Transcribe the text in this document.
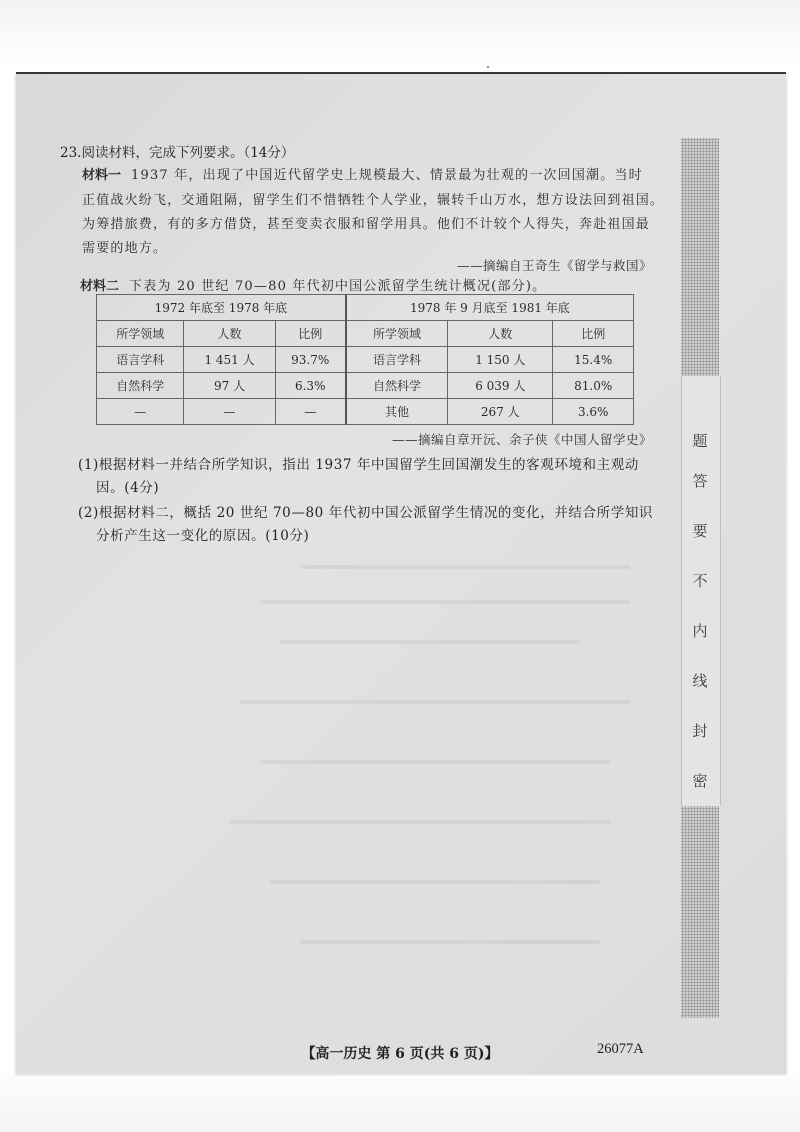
题
答
要
不
内
线
封
密
23.阅读材料，完成下列要求。（14分）
材料一 1937 年，出现了中国近代留学史上规模最大、情景最为壮观的一次回国潮。当时
正值战火纷飞，交通阻隔，留学生们不惜牺牲个人学业，辗转千山万水，想方设法回到祖国。
为筹措旅费，有的多方借贷，甚至变卖衣服和留学用具。他们不计较个人得失，奔赴祖国最
需要的地方。
——摘编自王奇生《留学与救国》
材料二 下表为 20 世纪 70—80 年代初中国公派留学生统计概况(部分)。
1972 年底至 1978 年底			1978 年 9 月底至 1981 年底		
所学领域	人数	比例	所学领域	人数	比例
语言学科	1 451 人	93.7%	语言学科	1 150 人	15.4%
自然科学	97 人	6.3%	自然科学	6 039 人	81.0%
—	—	—	其他	267 人	3.6%
——摘编自章开沅、余子侠《中国人留学史》
(1)根据材料一并结合所学知识，指出 1937 年中国留学生回国潮发生的客观环境和主观动
因。(4分)
(2)根据材料二，概括 20 世纪 70—80 年代初中国公派留学生情况的变化，并结合所学知识
分析产生这一变化的原因。(10分)
【高一历史 第 6 页(共 6 页)】	26077A
